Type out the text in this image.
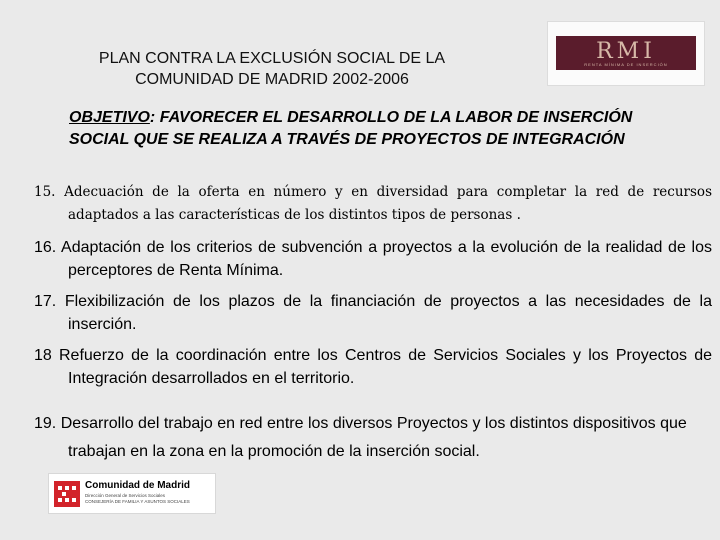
PLAN CONTRA LA EXCLUSIÓN SOCIAL DE LA
COMUNIDAD DE MADRID 2002-2006
RMI
RENTA MÍNIMA DE INSERCIÓN
OBJETIVO: FAVORECER EL DESARROLLO DE LA LABOR DE INSERCIÓN SOCIAL QUE SE REALIZA A TRAVÉS DE PROYECTOS DE INTEGRACIÓN
15. Adecuación de la oferta en número y en diversidad para completar la red de recursos adaptados a las características de los distintos tipos de personas .
16. Adaptación de los criterios de subvención a proyectos a la evolución de la realidad de los perceptores de Renta Mínima.
17. Flexibilización de los plazos de la financiación de proyectos a las necesidades de la inserción.
18 Refuerzo de la coordinación entre los Centros de Servicios Sociales y los Proyectos de Integración desarrollados en el territorio.
19. Desarrollo del trabajo en red entre los diversos Proyectos y los distintos dispositivos que trabajan en la zona en la promoción de la inserción social.
Comunidad de Madrid
Dirección General de Servicios Sociales
CONSEJERÍA DE FAMILIA Y ASUNTOS SOCIALES
